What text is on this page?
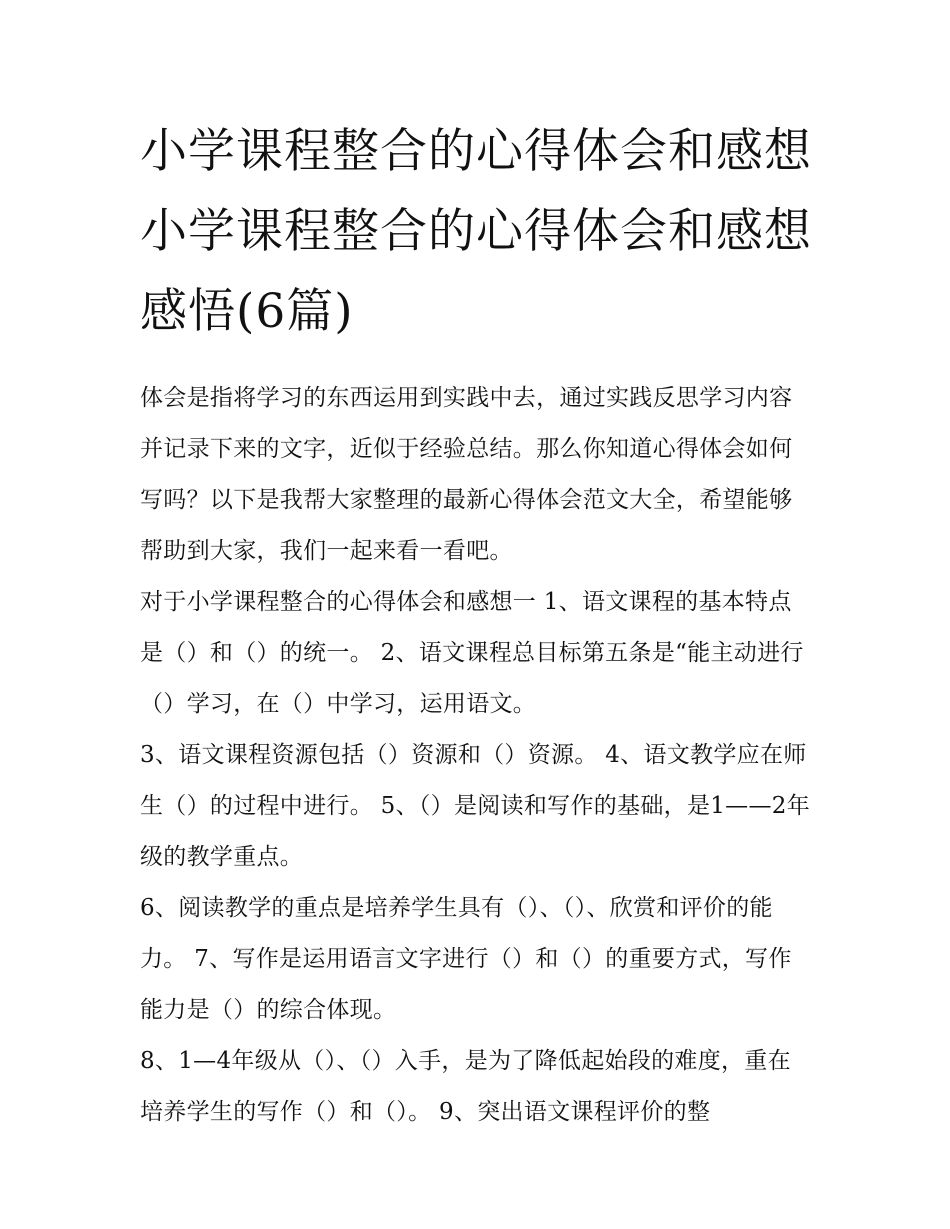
小学课程整合的心得体会和感想 小学课程整合的心得体会和感想感悟(6篇)

体会是指将学习的东西运用到实践中去，通过实践反思学习内容并记录下来的文字，近似于经验总结。那么你知道心得体会如何写吗？以下是我帮大家整理的最新心得体会范文大全，希望能够帮助到大家，我们一起来看一看吧。

对于小学课程整合的心得体会和感想一 1、语文课程的基本特点是（）和（）的统一。 2、语文课程总目标第五条是“能主动进行（）学习，在（）中学习，运用语文。

3、语文课程资源包括（）资源和（）资源。 4、语文教学应在师生（）的过程中进行。 5、（）是阅读和写作的基础，是1——2年级的教学重点。

6、阅读教学的重点是培养学生具有（）、（）、欣赏和评价的能力。 7、写作是运用语言文字进行（）和（）的重要方式，写作能力是（）的综合体现。

8、1—4年级从（）、（）入手，是为了降低起始段的难度，重在培养学生的写作（）和（）。 9、突出语文课程评价的整
